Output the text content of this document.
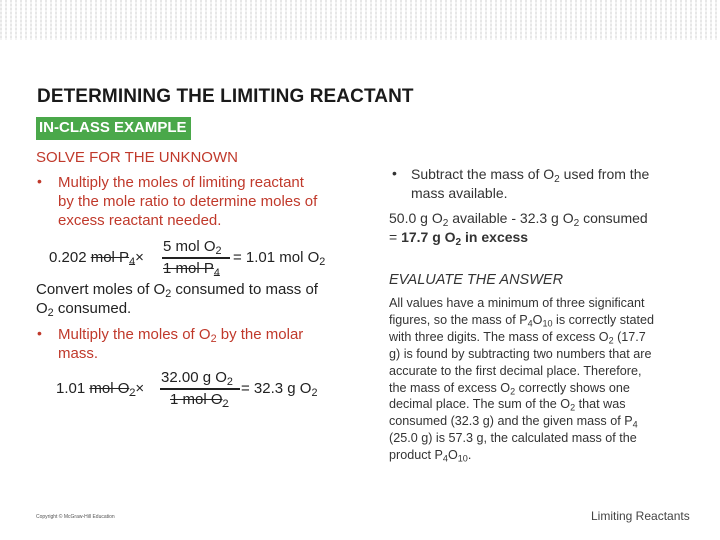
DETERMINING THE LIMITING REACTANT
IN-CLASS EXAMPLE
SOLVE FOR THE UNKNOWN
• Multiply the moles of limiting reactant
by the mole ratio to determine moles of
excess reactant needed.
0.202 mol $P_4\times$
5 mol $O_2$
1 mol $P_4$
= 1.01 mol $O_2$
Convert moles of $O_2$ consumed to mass of
$O_2$ consumed.
• Multiply the moles of $O_2$ by the molar
mass.
1.01 mol $O_2\times$
32.00 g $O_2$
1 mol $O_2$
= 32.3 g $O_2$
• Subtract the mass of $O_2$ used from the
mass available.
50.0 g $O_2$ available - 32.3 g $O_2$ consumed
= 17.7 g $O_2$ in excess
EVALUATE THE ANSWER
All values have a minimum of three significant
figures, so the mass of $P_4O_{10}$ is correctly stated
with three digits. The mass of excess $O_2$ (17.7
g) is found by subtracting two numbers that are
accurate to the first decimal place. Therefore,
the mass of excess $O_2$ correctly shows one
decimal place. The sum of the $O_2$ that was
consumed (32.3 g) and the given mass of $P_4$
(25.0 g) is 57.3 g, the calculated mass of the
product $P_4O_{10}$.
Copyright © McGraw-Hill Education	Limiting Reactants
